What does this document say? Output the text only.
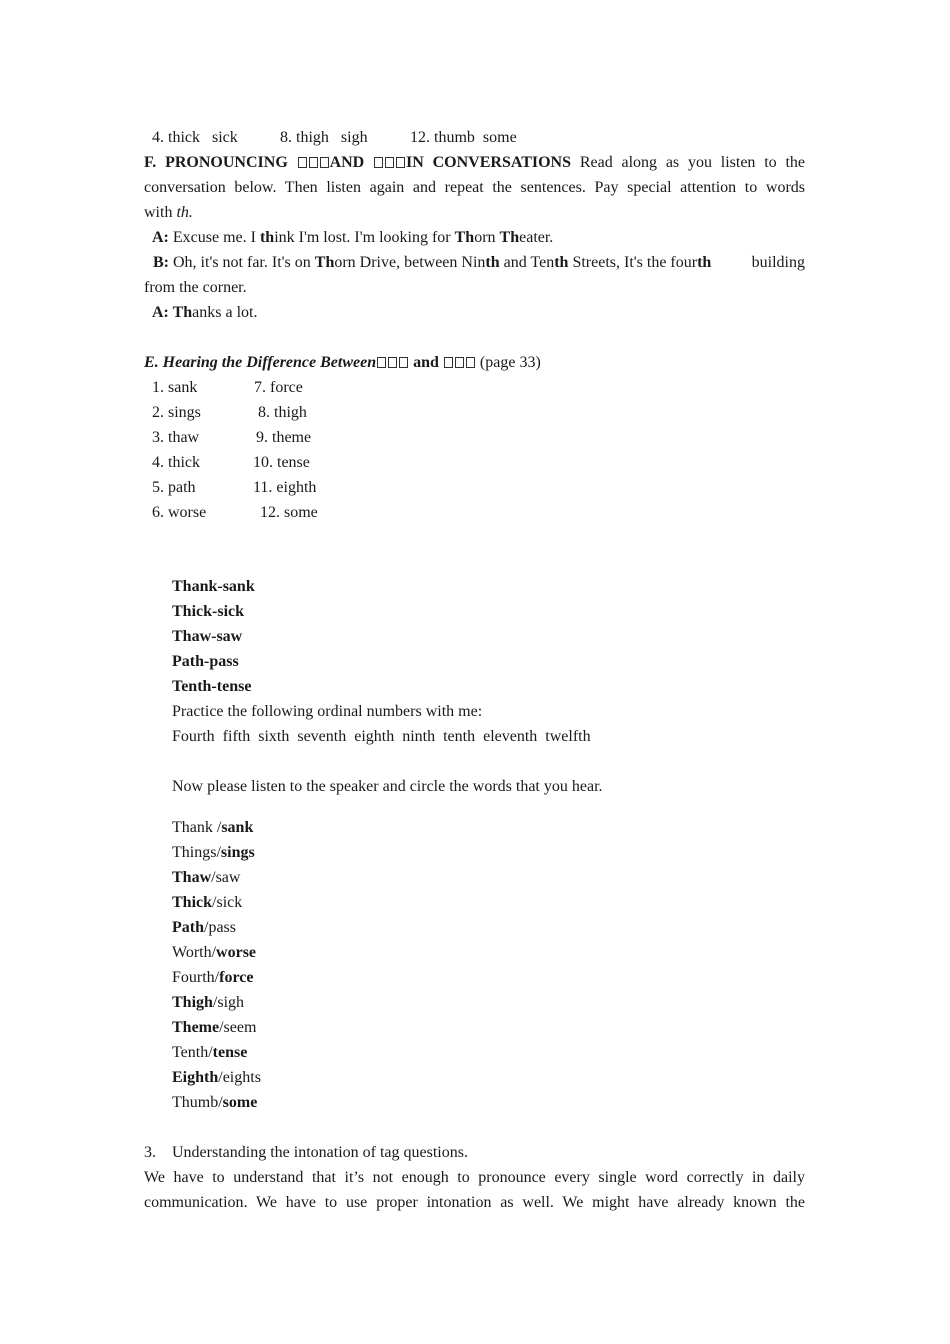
4. thick   sick	8. thigh   sigh	12. thumb  some
F. PRONOUNCING AND IN CONVERSATIONS Read along as you listen to the
conversation below. Then listen again and repeat the sentences. Pay special attention to words
with th.
A: Excuse me. I think I'm lost. I'm looking for Thorn Theater.
B: Oh, it's not far. It's on Thorn Drive, between Ninth and Tenth Streets, It's the fourth building
from the corner.
A: Thanks a lot.
E. Hearing the Difference Between and  (page 33)
1. sank
2. sings
3. thaw
4. thick
5. path
6. worse
7. force
8. thigh
9. theme
10. tense
11. eighth
12. some
Thank-sank
Thick-sick
Thaw-saw
Path-pass
Tenth-tense
Practice the following ordinal numbers with me:
Fourth  fifth  sixth  seventh  eighth  ninth  tenth  eleventh  twelfth
Now please listen to the speaker and circle the words that you hear.
Thank /sank
Things/sings
Thaw/saw
Thick/sick
Path/pass
Worth/worse
Fourth/force
Thigh/sigh
Theme/seem
Tenth/tense
Eighth/eights
Thumb/some
3. Understanding the intonation of tag questions.
We have to understand that it’s not enough to pronounce every single word correctly in daily
communication. We have to use proper intonation as well. We might have already known the
